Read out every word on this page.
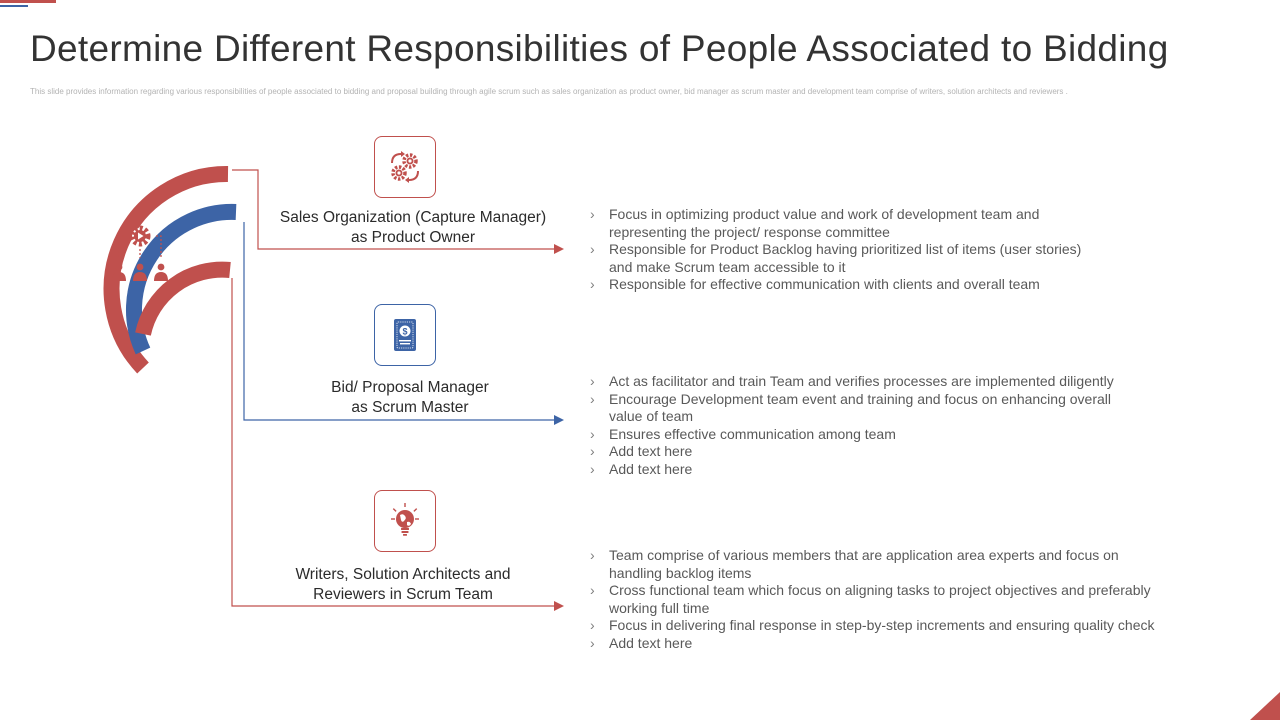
Determine Different Responsibilities of People Associated to Bidding
This slide provides information regarding various responsibilities of people associated to bidding and proposal building through agile scrum such as sales organization as product owner, bid manager as scrum master and development team comprise of writers, solution architects and reviewers .
Roles 1
Roles 2
Roles 3
Sales Organization (Capture Manager)
as Product Owner
› Focus in optimizing product value and work of development team and
representing the project/ response committee
› Responsible for Product Backlog having prioritized list of items (user stories)
and make Scrum team accessible to it
› Responsible for effective communication with clients and overall team
$
Bid/ Proposal Manager
as Scrum Master
› Act as facilitator and train Team and verifies processes are implemented diligently
› Encourage Development team event and training and focus on enhancing overall
value of team
› Ensures effective communication among team
› Add text here
› Add text here
Writers, Solution Architects and
Reviewers in Scrum Team
› Team comprise of various members that are application area experts and focus on
handling backlog items
› Cross functional team which focus on aligning tasks to project objectives and preferably
working full time
› Focus in delivering final response in step-by-step increments and ensuring quality check
› Add text here
